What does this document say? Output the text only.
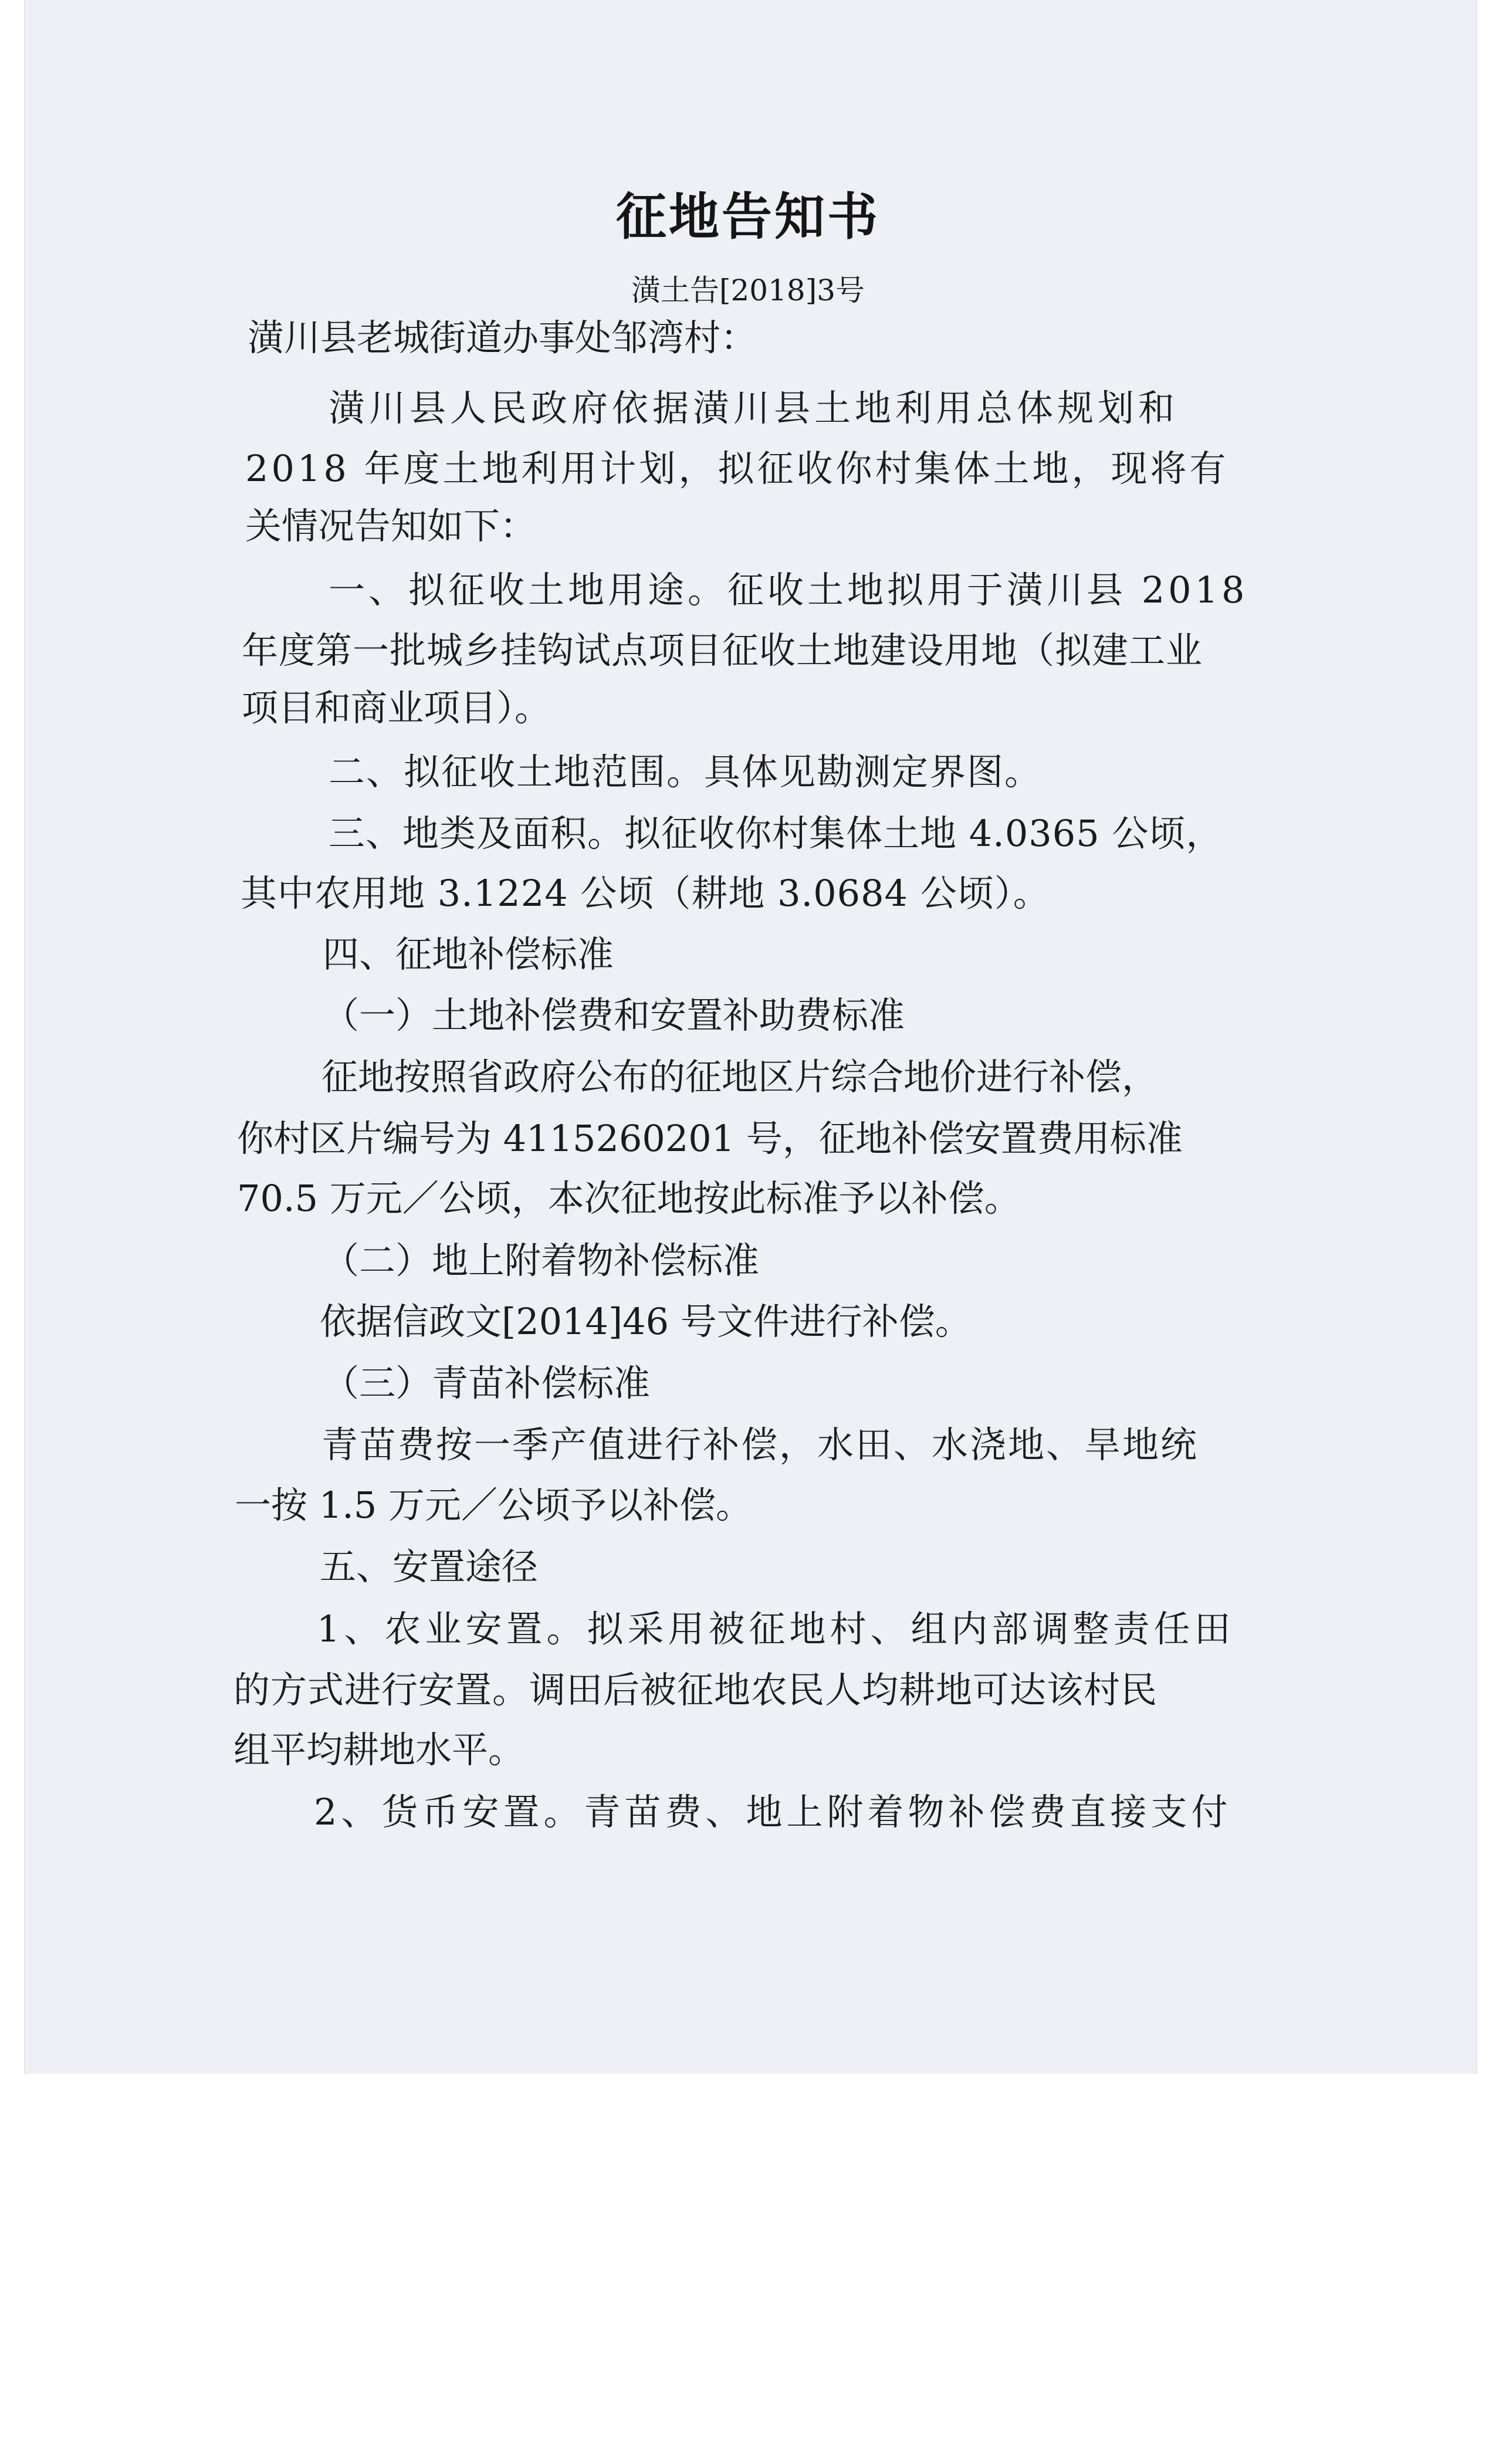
征地告知书
潢土告[2018]3号
潢川县老城街道办事处邹湾村：
潢川县人民政府依据潢川县土地利用总体规划和
2018 年度土地利用计划，拟征收你村集体土地，现将有
关情况告知如下：
一、拟征收土地用途。征收土地拟用于潢川县 2018
年度第一批城乡挂钩试点项目征收土地建设用地（拟建工业
项目和商业项目）。
二、拟征收土地范围。具体见勘测定界图。
三、地类及面积。拟征收你村集体土地 4.0365 公顷，
其中农用地 3.1224 公顷（耕地 3.0684 公顷）。
四、征地补偿标准
（一）土地补偿费和安置补助费标准
征地按照省政府公布的征地区片综合地价进行补偿，
你村区片编号为 4115260201 号，征地补偿安置费用标准
70.5 万元／公顷，本次征地按此标准予以补偿。
（二）地上附着物补偿标准
依据信政文[2014]46 号文件进行补偿。
（三）青苗补偿标准
青苗费按一季产值进行补偿，水田、水浇地、旱地统
一按 1.5 万元／公顷予以补偿。
五、安置途径
1、农业安置。拟采用被征地村、组内部调整责任田
的方式进行安置。调田后被征地农民人均耕地可达该村民
组平均耕地水平。
2、货币安置。青苗费、地上附着物补偿费直接支付
